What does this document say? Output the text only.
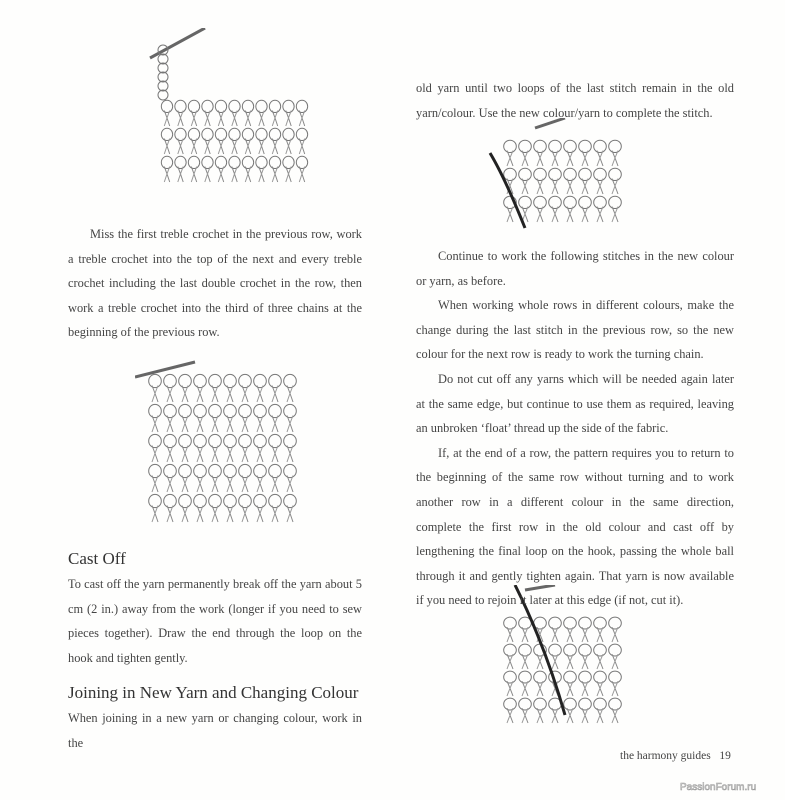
Miss the first treble crochet in the previous row, work a treble crochet into the top of the next and every treble crochet including the last double crochet in the row, then work a treble crochet into the third of three chains at the beginning of the previous row.

Cast Off

To cast off the yarn permanently break off the yarn about 5 cm (2 in.) away from the work (longer if you need to sew pieces together). Draw the end through the loop on the hook and tighten gently.

Joining in New Yarn and Changing Colour

When joining in a new yarn or changing colour, work in the

old yarn until two loops of the last stitch remain in the old yarn/colour. Use the new colour/yarn to complete the stitch.

Continue to work the following stitches in the new colour or yarn, as before.

When working whole rows in different colours, make the change during the last stitch in the previous row, so the new colour for the next row is ready to work the turning chain.

Do not cut off any yarns which will be needed again later at the same edge, but continue to use them as required, leaving an unbroken ‘float’ thread up the side of the fabric.

If, at the end of a row, the pattern requires you to return to the beginning of the same row without turning and to work another row in a different colour in the same direction, complete the first row in the old colour and cast off by lengthening the final loop on the hook, passing the whole ball through it and gently tighten again. That yarn is now available if you need to rejoin it later at this edge (if not, cut it).

the harmony guides 19
PassionForum.ru
